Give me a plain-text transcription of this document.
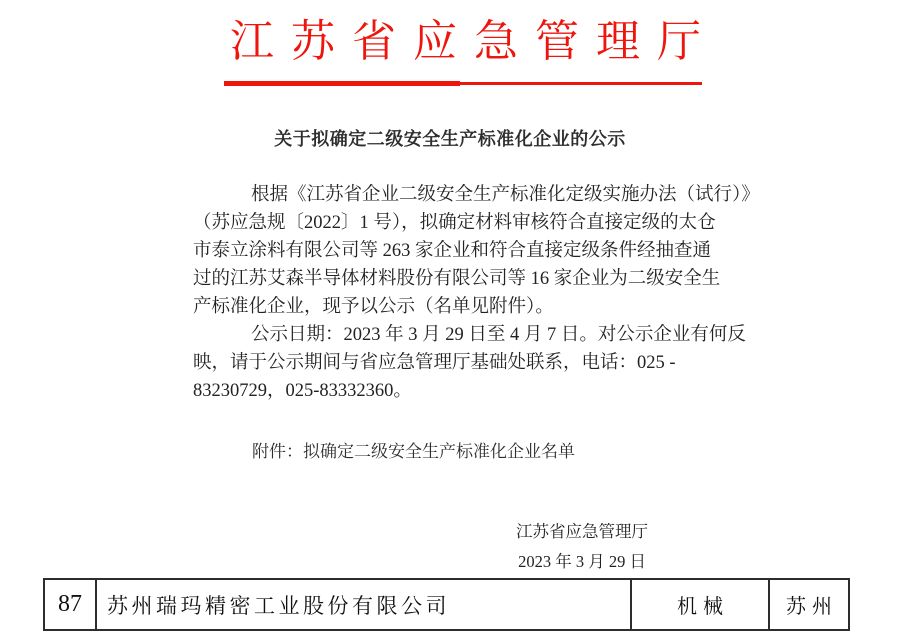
江苏省应急管理厅
关于拟确定二级安全生产标准化企业的公示
根据《江苏省企业二级安全生产标准化定级实施办法（试行）》
（苏应急规〔2022〕1 号），拟确定材料审核符合直接定级的太仓
市泰立涂料有限公司等 263 家企业和符合直接定级条件经抽查通
过的江苏艾森半导体材料股份有限公司等 16 家企业为二级安全生
产标准化企业，现予以公示（名单见附件）。
公示日期：2023 年 3 月 29 日至 4 月 7 日。对公示企业有何反
映，请于公示期间与省应急管理厅基础处联系，电话：025 -
83230729，025-83332360。
附件：拟确定二级安全生产标准化企业名单
江苏省应急管理厅
2023 年 3 月 29 日
87	苏州瑞玛精密工业股份有限公司	机械	苏州
